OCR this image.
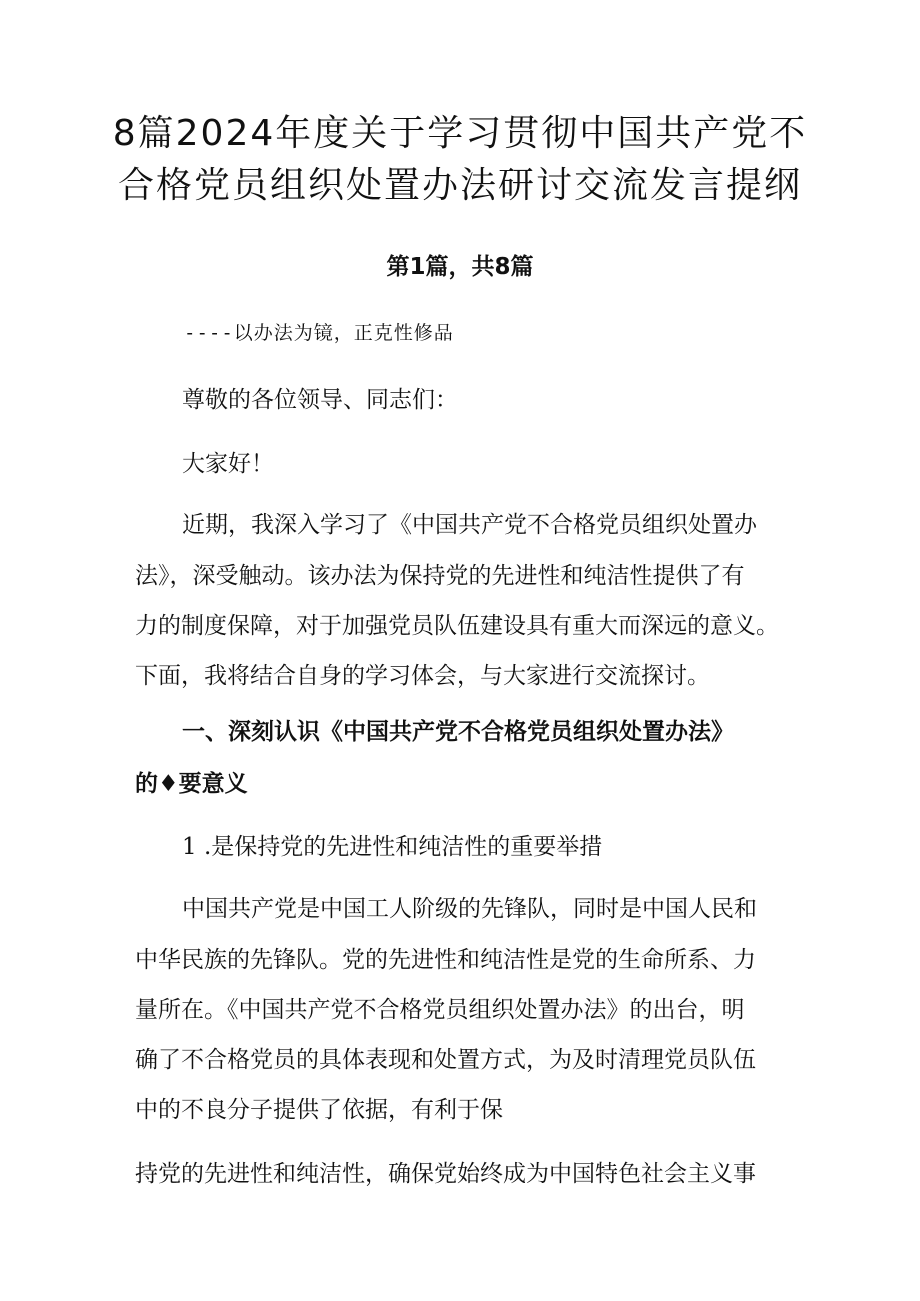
8篇2024年度关于学习贯彻中国共产党不
合格党员组织处置办法研讨交流发言提纲
第1篇，共8篇
----以办法为镜，正克性修品
尊敬的各位领导、同志们：
大家好！
近期，我深入学习了《中国共产党不合格党员组织处置办
法》，深受触动。该办法为保持党的先进性和纯洁性提供了有
力的制度保障，对于加强党员队伍建设具有重大而深远的意义。
下面，我将结合自身的学习体会，与大家进行交流探讨。
一、深刻认识《中国共产党不合格党员组织处置办法》
的♦要意义
1 .是保持党的先进性和纯洁性的重要举措
中国共产党是中国工人阶级的先锋队，同时是中国人民和
中华民族的先锋队。党的先进性和纯洁性是党的生命所系、力
量所在。《中国共产党不合格党员组织处置办法》的出台，明
确了不合格党员的具体表现和处置方式，为及时清理党员队伍
中的不良分子提供了依据，有利于保
持党的先进性和纯洁性，确保党始终成为中国特色社会主义事
